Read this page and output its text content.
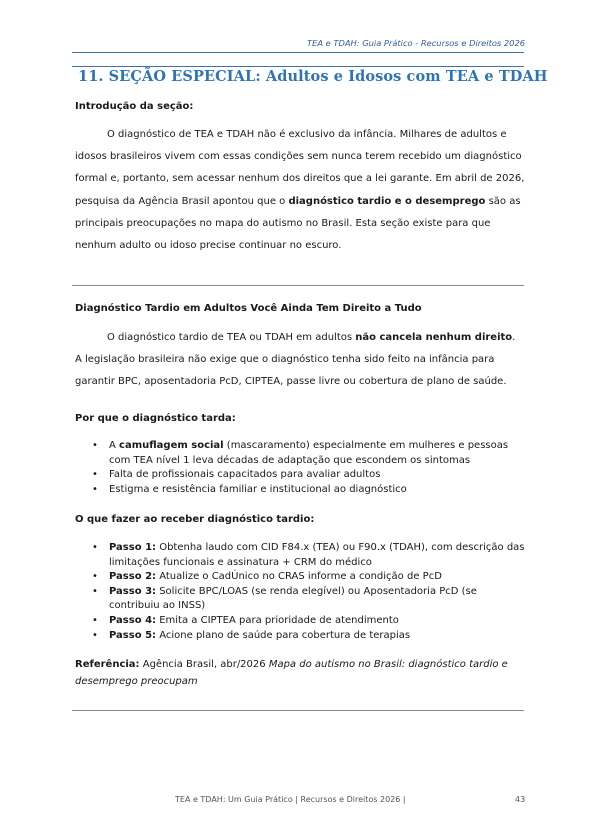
TEA e TDAH: Guia Prático - Recursos e Direitos 2026
11. SEÇÃO ESPECIAL: Adultos e Idosos com TEA e TDAH
Introdução da seção:

O diagnóstico de TEA e TDAH não é exclusivo da infância. Milhares de adultos e idosos brasileiros vivem com essas condições sem nunca terem recebido um diagnóstico formal e, portanto, sem acessar nenhum dos direitos que a lei garante. Em abril de 2026, pesquisa da Agência Brasil apontou que o diagnóstico tardio e o desemprego são as principais preocupações no mapa do autismo no Brasil. Esta seção existe para que nenhum adulto ou idoso precise continuar no escuro.

Diagnóstico Tardio em Adultos Você Ainda Tem Direito a Tudo

O diagnóstico tardio de TEA ou TDAH em adultos não cancela nenhum direito. A legislação brasileira não exige que o diagnóstico tenha sido feito na infância para garantir BPC, aposentadoria PcD, CIPTEA, passe livre ou cobertura de plano de saúde.

Por que o diagnóstico tarda:
• A camuflagem social (mascaramento) especialmente em mulheres e pessoas com TEA nível 1 leva décadas de adaptação que escondem os sintomas
• Falta de profissionais capacitados para avaliar adultos
• Estigma e resistência familiar e institucional ao diagnóstico
O que fazer ao receber diagnóstico tardio:
• Passo 1: Obtenha laudo com CID F84.x (TEA) ou F90.x (TDAH), com descrição das limitações funcionais e assinatura + CRM do médico
• Passo 2: Atualize o CadÚnico no CRAS informe a condição de PcD
• Passo 3: Solicite BPC/LOAS (se renda elegível) ou Aposentadoria PcD (se contribuiu ao INSS)
• Passo 4: Emita a CIPTEA para prioridade de atendimento
• Passo 5: Acione plano de saúde para cobertura de terapias

Referência: Agência Brasil, abr/2026 Mapa do autismo no Brasil: diagnóstico tardio e desemprego preocupam

TEA e TDAH: Um Guia Prático | Recursos e Direitos 2026 |	43
